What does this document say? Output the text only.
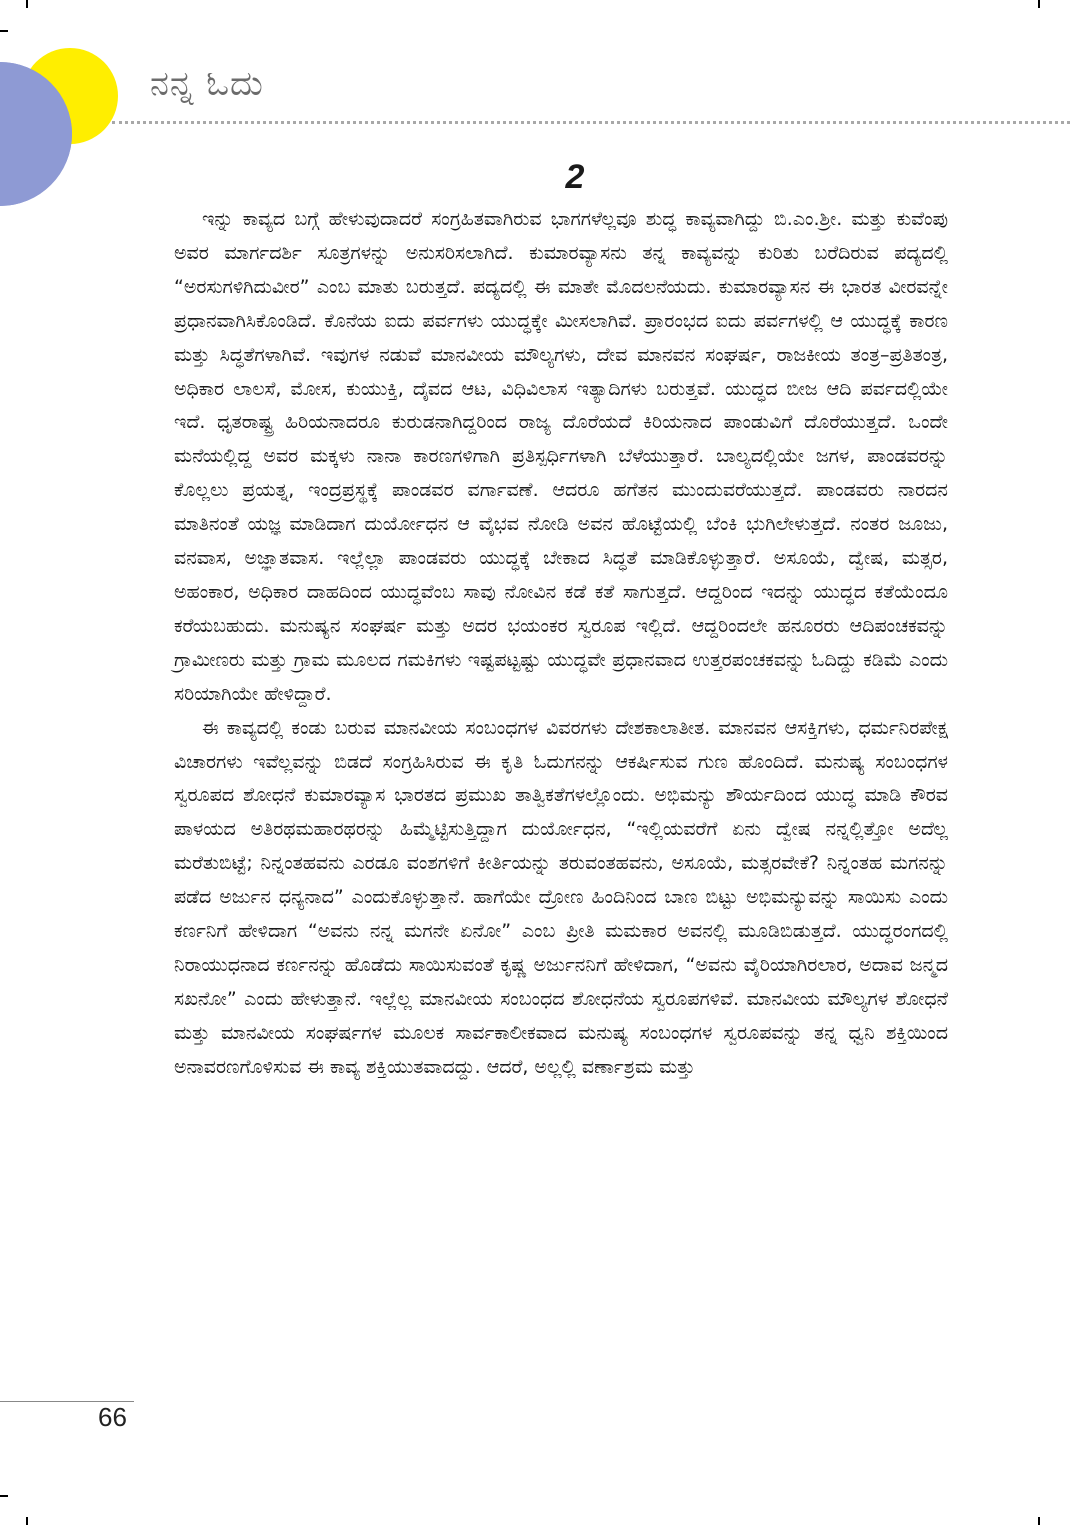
ನನ್ನ ಓದು
2

ಇನ್ನು ಕಾವ್ಯದ ಬಗ್ಗೆ ಹೇಳುವುದಾದರೆ ಸಂಗ್ರಹಿತವಾಗಿರುವ ಭಾಗಗಳೆಲ್ಲವೂ ಶುದ್ಧ ಕಾವ್ಯವಾಗಿದ್ದು ಬಿ.ಎಂ.ಶ್ರೀ. ಮತ್ತು ಕುವೆಂಪು ಅವರ ಮಾರ್ಗದರ್ಶಿ ಸೂತ್ರಗಳನ್ನು ಅನುಸರಿಸಲಾಗಿದೆ. ಕುಮಾರವ್ಯಾಸನು ತನ್ನ ಕಾವ್ಯವನ್ನು ಕುರಿತು ಬರೆದಿರುವ ಪದ್ಯದಲ್ಲಿ “ಅರಸುಗಳಿಗಿದುವೀರ” ಎಂಬ ಮಾತು ಬರುತ್ತದೆ. ಪದ್ಯದಲ್ಲಿ ಈ ಮಾತೇ ಮೊದಲನೆಯದು. ಕುಮಾರವ್ಯಾಸನ ಈ ಭಾರತ ವೀರವನ್ನೇ ಪ್ರಧಾನವಾಗಿಸಿಕೊಂಡಿದೆ. ಕೊನೆಯ ಐದು ಪರ್ವಗಳು ಯುದ್ಧಕ್ಕೇ ಮೀಸಲಾಗಿವೆ. ಪ್ರಾರಂಭದ ಐದು ಪರ್ವಗಳಲ್ಲಿ ಆ ಯುದ್ಧಕ್ಕೆ ಕಾರಣ ಮತ್ತು ಸಿದ್ಧತೆಗಳಾಗಿವೆ. ಇವುಗಳ ನಡುವೆ ಮಾನವೀಯ ಮೌಲ್ಯಗಳು, ದೇವ ಮಾನವನ ಸಂಘರ್ಷ, ರಾಜಕೀಯ ತಂತ್ರ–ಪ್ರತಿತಂತ್ರ, ಅಧಿಕಾರ ಲಾಲಸೆ, ಮೋಸ, ಕುಯುಕ್ತಿ, ದೈವದ ಆಟ, ವಿಧಿವಿಲಾಸ ಇತ್ಯಾದಿಗಳು ಬರುತ್ತವೆ. ಯುದ್ಧದ ಬೀಜ ಆದಿ ಪರ್ವದಲ್ಲಿಯೇ ಇದೆ. ಧೃತರಾಷ್ಟ್ರ ಹಿರಿಯನಾದರೂ ಕುರುಡನಾಗಿದ್ದರಿಂದ ರಾಜ್ಯ ದೊರೆಯದೆ ಕಿರಿಯನಾದ ಪಾಂಡುವಿಗೆ ದೊರೆಯುತ್ತದೆ. ಒಂದೇ ಮನೆಯಲ್ಲಿದ್ದ ಅವರ ಮಕ್ಕಳು ನಾನಾ ಕಾರಣಗಳಿಗಾಗಿ ಪ್ರತಿಸ್ಪರ್ಧಿಗಳಾಗಿ ಬೆಳೆಯುತ್ತಾರೆ. ಬಾಲ್ಯದಲ್ಲಿಯೇ ಜಗಳ, ಪಾಂಡವರನ್ನು ಕೊಲ್ಲಲು ಪ್ರಯತ್ನ, ಇಂದ್ರಪ್ರಸ್ಥಕ್ಕೆ ಪಾಂಡವರ ವರ್ಗಾವಣೆ. ಆದರೂ ಹಗೆತನ ಮುಂದುವರೆಯುತ್ತದೆ. ಪಾಂಡವರು ನಾರದನ ಮಾತಿನಂತೆ ಯಜ್ಞ ಮಾಡಿದಾಗ ದುರ್ಯೋಧನ ಆ ವೈಭವ ನೋಡಿ ಅವನ ಹೊಟ್ಟೆಯಲ್ಲಿ ಬೆಂಕಿ ಭುಗಿಲೇಳುತ್ತದೆ. ನಂತರ ಜೂಜು, ವನವಾಸ, ಅಜ್ಞಾತವಾಸ. ಇಲ್ಲೆಲ್ಲಾ ಪಾಂಡವರು ಯುದ್ಧಕ್ಕೆ ಬೇಕಾದ ಸಿದ್ಧತೆ ಮಾಡಿಕೊಳ್ಳುತ್ತಾರೆ. ಅಸೂಯೆ, ದ್ವೇಷ, ಮತ್ಸರ, ಅಹಂಕಾರ, ಅಧಿಕಾರ ದಾಹದಿಂದ ಯುದ್ಧವೆಂಬ ಸಾವು ನೋವಿನ ಕಡೆ ಕತೆ ಸಾಗುತ್ತದೆ. ಆದ್ದರಿಂದ ಇದನ್ನು ಯುದ್ಧದ ಕತೆಯೆಂದೂ ಕರೆಯಬಹುದು. ಮನುಷ್ಯನ ಸಂಘರ್ಷ ಮತ್ತು ಅದರ ಭಯಂಕರ ಸ್ವರೂಪ ಇಲ್ಲಿದೆ. ಆದ್ದರಿಂದಲೇ ಹನೂರರು ಆದಿಪಂಚಕವನ್ನು ಗ್ರಾಮೀಣರು ಮತ್ತು ಗ್ರಾಮ ಮೂಲದ ಗಮಕಿಗಳು ಇಷ್ಟಪಟ್ಟಷ್ಟು ಯುದ್ಧವೇ ಪ್ರಧಾನವಾದ ಉತ್ತರಪಂಚಕವನ್ನು ಓದಿದ್ದು ಕಡಿಮೆ ಎಂದು ಸರಿಯಾಗಿಯೇ ಹೇಳಿದ್ದಾರೆ.

ಈ ಕಾವ್ಯದಲ್ಲಿ ಕಂಡು ಬರುವ ಮಾನವೀಯ ಸಂಬಂಧಗಳ ವಿವರಗಳು ದೇಶಕಾಲಾತೀತ. ಮಾನವನ ಆಸಕ್ತಿಗಳು, ಧರ್ಮನಿರಪೇಕ್ಷ ವಿಚಾರಗಳು ಇವೆಲ್ಲವನ್ನು ಬಿಡದೆ ಸಂಗ್ರಹಿಸಿರುವ ಈ ಕೃತಿ ಓದುಗನನ್ನು ಆಕರ್ಷಿಸುವ ಗುಣ ಹೊಂದಿದೆ. ಮನುಷ್ಯ ಸಂಬಂಧಗಳ ಸ್ವರೂಪದ ಶೋಧನೆ ಕುಮಾರವ್ಯಾಸ ಭಾರತದ ಪ್ರಮುಖ ತಾತ್ವಿಕತೆಗಳಲ್ಲೊಂದು. ಅಭಿಮನ್ಯು ಶೌರ್ಯದಿಂದ ಯುದ್ಧ ಮಾಡಿ ಕೌರವ ಪಾಳಯದ ಅತಿರಥಮಹಾರಥರನ್ನು ಹಿಮ್ಮೆಟ್ಟಿಸುತ್ತಿದ್ದಾಗ ದುರ್ಯೋಧನ, “ಇಲ್ಲಿಯವರೆಗೆ ಏನು ದ್ವೇಷ ನನ್ನಲ್ಲಿತ್ತೋ ಅದೆಲ್ಲ ಮರೆತುಬಿಟ್ಟೆ; ನಿನ್ನಂತಹವನು ಎರಡೂ ವಂಶಗಳಿಗೆ ಕೀರ್ತಿಯನ್ನು ತರುವಂತಹವನು, ಅಸೂಯೆ, ಮತ್ಸರವೇಕೆ? ನಿನ್ನಂತಹ ಮಗನನ್ನು ಪಡೆದ ಅರ್ಜುನ ಧನ್ಯನಾದ” ಎಂದುಕೊಳ್ಳುತ್ತಾನೆ. ಹಾಗೆಯೇ ದ್ರೋಣ ಹಿಂದಿನಿಂದ ಬಾಣ ಬಿಟ್ಟು ಅಭಿಮನ್ಯುವನ್ನು ಸಾಯಿಸು ಎಂದು ಕರ್ಣನಿಗೆ ಹೇಳಿದಾಗ “ಅವನು ನನ್ನ ಮಗನೇ ಏನೋ” ಎಂಬ ಪ್ರೀತಿ ಮಮಕಾರ ಅವನಲ್ಲಿ ಮೂಡಿಬಿಡುತ್ತದೆ. ಯುದ್ಧರಂಗದಲ್ಲಿ ನಿರಾಯುಧನಾದ ಕರ್ಣನನ್ನು ಹೊಡೆದು ಸಾಯಿಸುವಂತೆ ಕೃಷ್ಣ ಅರ್ಜುನನಿಗೆ ಹೇಳಿದಾಗ, “ಅವನು ವೈರಿಯಾಗಿರಲಾರ, ಅದಾವ ಜನ್ಮದ ಸಖನೋ” ಎಂದು ಹೇಳುತ್ತಾನೆ. ಇಲ್ಲೆಲ್ಲ ಮಾನವೀಯ ಸಂಬಂಧದ ಶೋಧನೆಯ ಸ್ವರೂಪಗಳಿವೆ. ಮಾನವೀಯ ಮೌಲ್ಯಗಳ ಶೋಧನೆ ಮತ್ತು ಮಾನವೀಯ ಸಂಘರ್ಷಗಳ ಮೂಲಕ ಸಾರ್ವಕಾಲೀಕವಾದ ಮನುಷ್ಯ ಸಂಬಂಧಗಳ ಸ್ವರೂಪವನ್ನು ತನ್ನ ಧ್ವನಿ ಶಕ್ತಿಯಿಂದ ಅನಾವರಣಗೊಳಿಸುವ ಈ ಕಾವ್ಯ ಶಕ್ತಿಯುತವಾದದ್ದು. ಆದರೆ, ಅಲ್ಲಲ್ಲಿ ವರ್ಣಾಶ್ರಮ ಮತ್ತು

66
